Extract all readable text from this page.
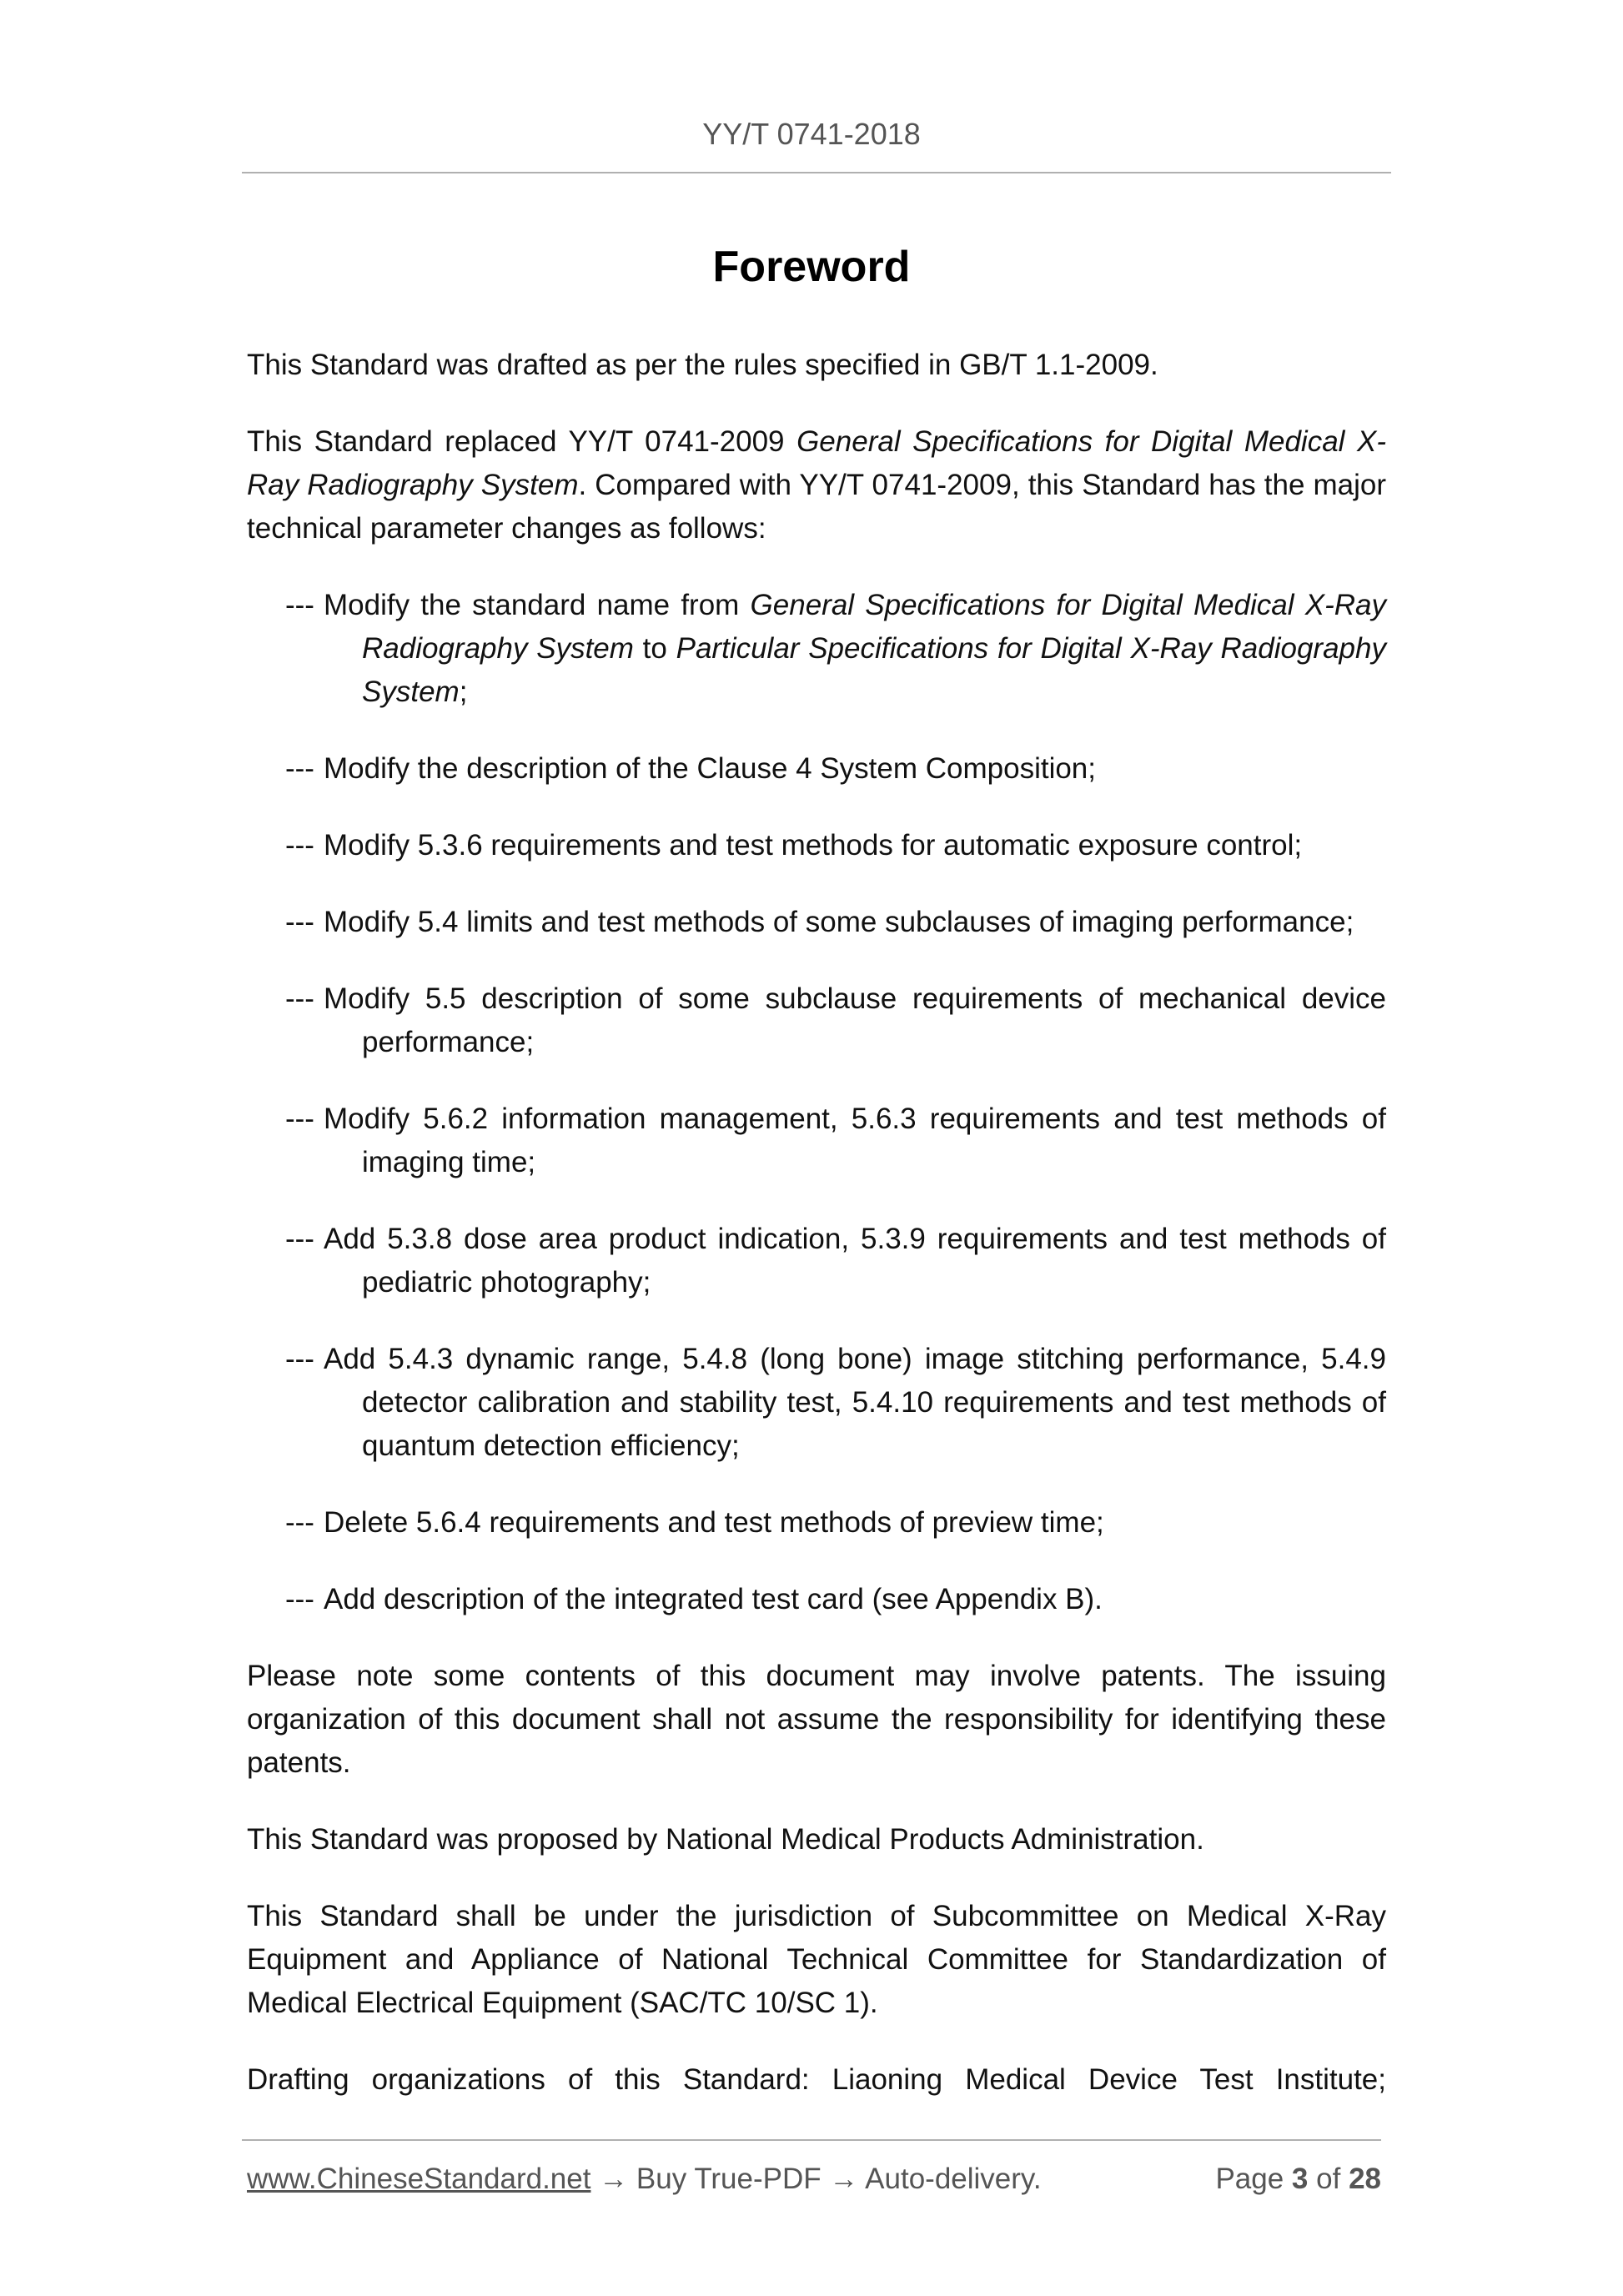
YY/T 0741-2018
Foreword

This Standard was drafted as per the rules specified in GB/T 1.1-2009.

This Standard replaced YY/T 0741-2009 General Specifications for Digital Medical X-Ray Radiography System. Compared with YY/T 0741-2009, this Standard has the major technical parameter changes as follows:

--- Modify the standard name from General Specifications for Digital Medical X-Ray Radiography System to Particular Specifications for Digital X-Ray Radiography System;
--- Modify the description of the Clause 4 System Composition;
--- Modify 5.3.6 requirements and test methods for automatic exposure control;
--- Modify 5.4 limits and test methods of some subclauses of imaging performance;
--- Modify 5.5 description of some subclause requirements of mechanical device performance;
--- Modify 5.6.2 information management, 5.6.3 requirements and test methods of imaging time;
--- Add 5.3.8 dose area product indication, 5.3.9 requirements and test methods of pediatric photography;
--- Add 5.4.3 dynamic range, 5.4.8 (long bone) image stitching performance, 5.4.9 detector calibration and stability test, 5.4.10 requirements and test methods of quantum detection efficiency;
--- Delete 5.6.4 requirements and test methods of preview time;
--- Add description of the integrated test card (see Appendix B).

Please note some contents of this document may involve patents. The issuing organization of this document shall not assume the responsibility for identifying these patents.

This Standard was proposed by National Medical Products Administration.

This Standard shall be under the jurisdiction of Subcommittee on Medical X-Ray Equipment and Appliance of National Technical Committee for Standardization of Medical Electrical Equipment (SAC/TC 10/SC 1).

Drafting organizations of this Standard: Liaoning Medical Device Test Institute;

www.ChineseStandard.net → Buy True-PDF → Auto-delivery.	Page 3 of 28
